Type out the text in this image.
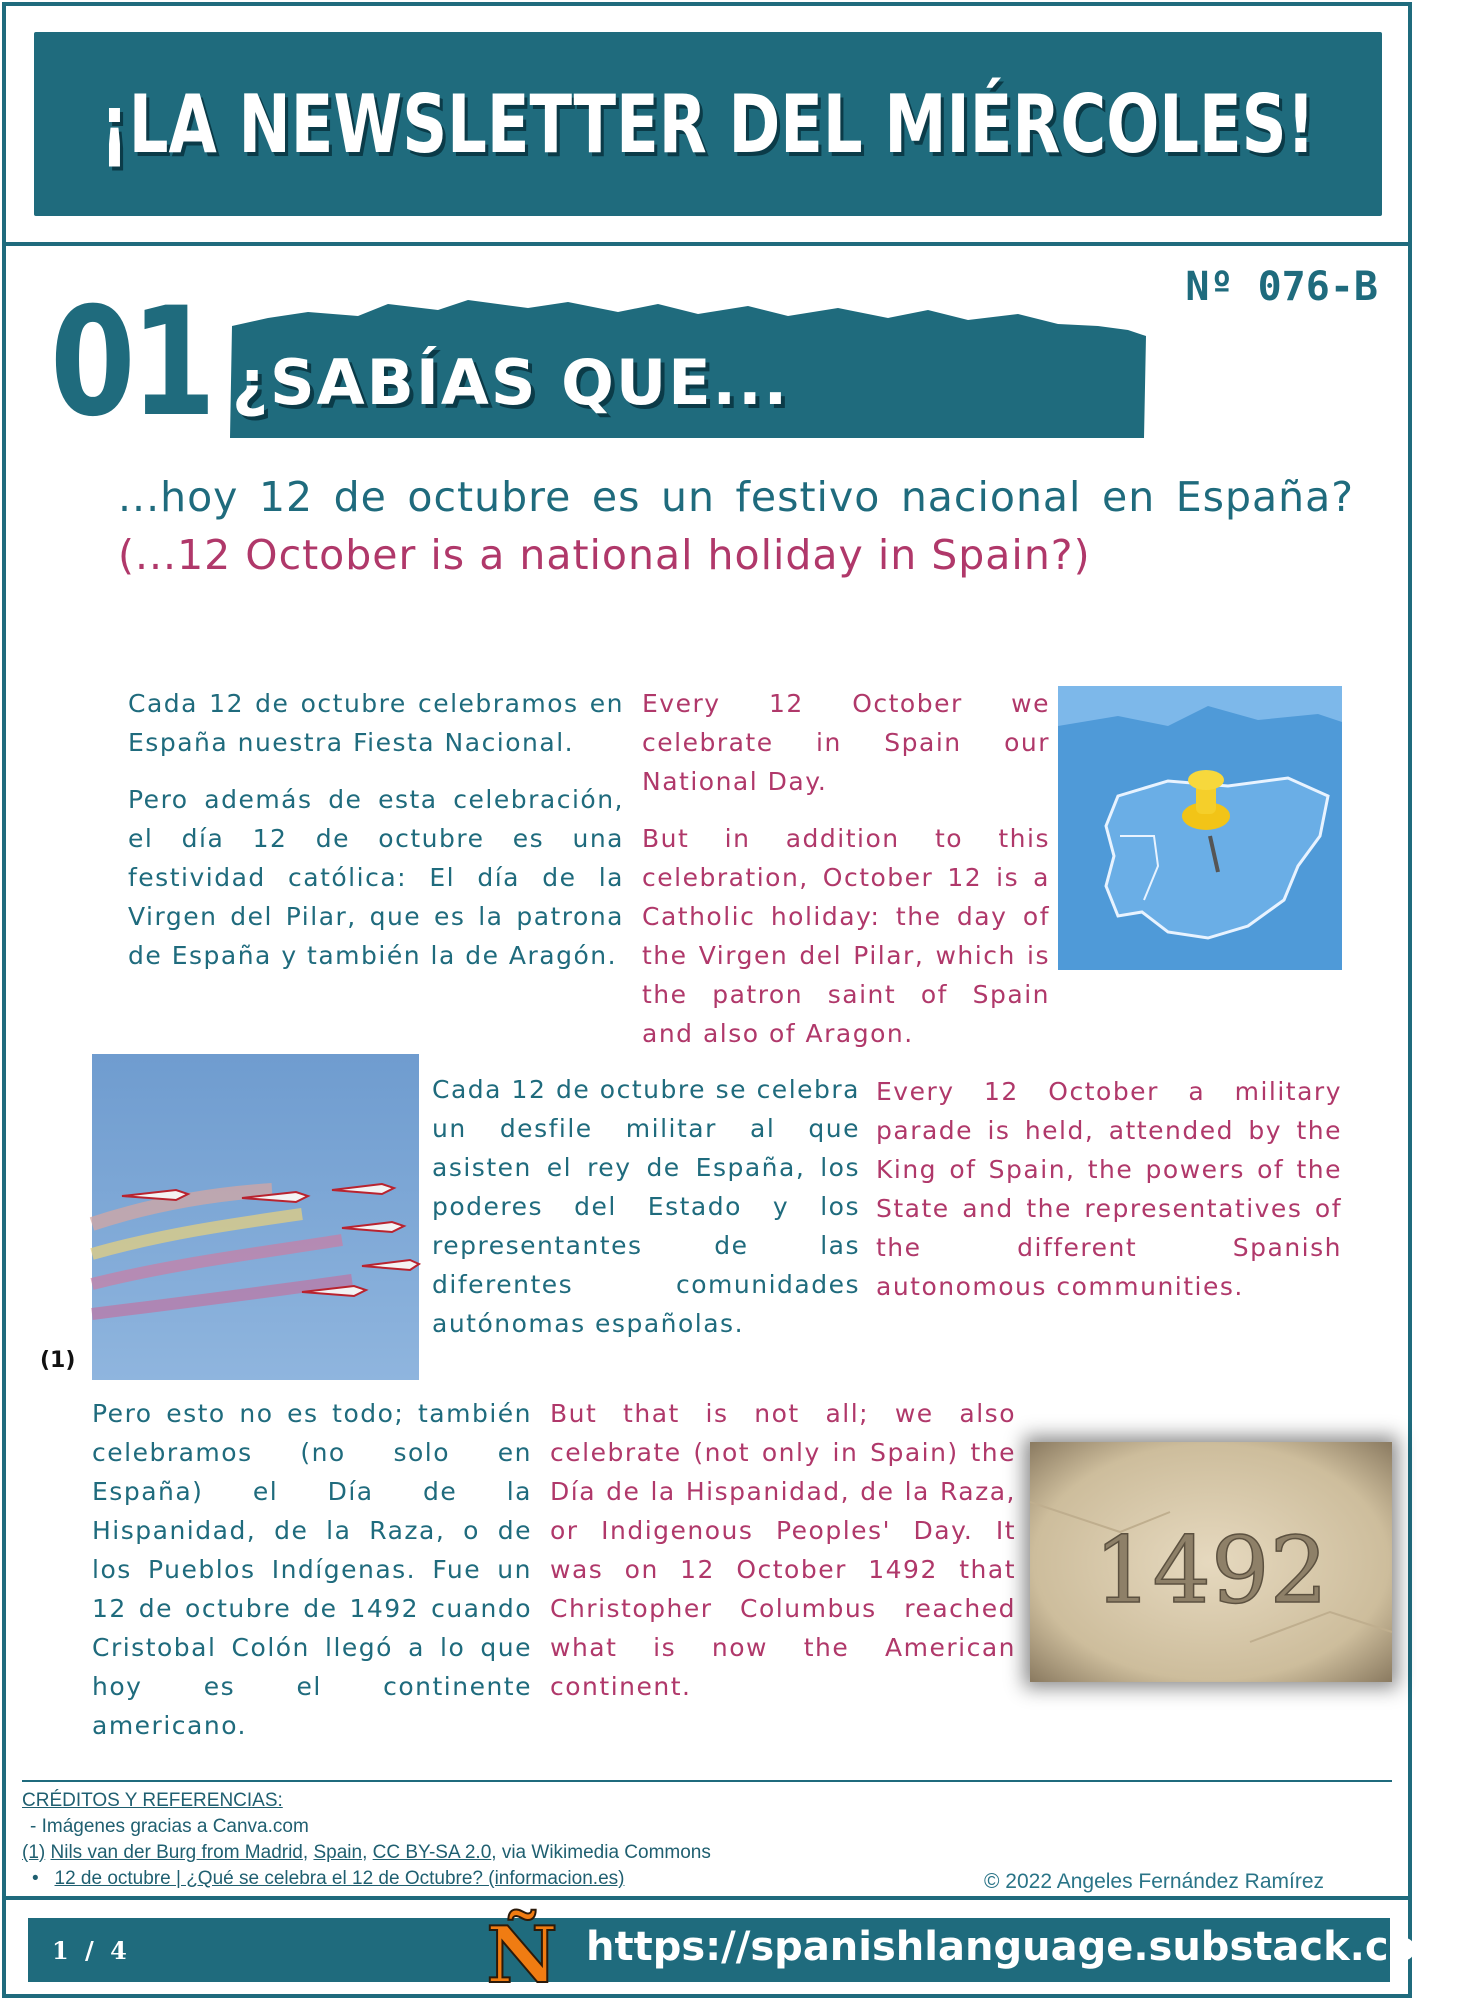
¡LA NEWSLETTER DEL MIÉRCOLES!
Nº 076-B
01 ¿SABÍAS QUE...
...hoy 12 de octubre es un festivo nacional en España? (...12 October is a national holiday in Spain?)

Cada 12 de octubre celebramos en España nuestra Fiesta Nacional.

Pero además de esta celebración, el día 12 de octubre es una festividad católica: El día de la Virgen del Pilar, que es la patrona de España y también la de Aragón.

Every 12 October we celebrate in Spain our National Day.

But in addition to this celebration, October 12 is a Catholic holiday: the day of the Virgen del Pilar, which is the patron saint of Spain and also of Aragon.

(1)

Cada 12 de octubre se celebra un desfile militar al que asisten el rey de España, los poderes del Estado y los representantes de las diferentes comunidades autónomas españolas.

Every 12 October a military parade is held, attended by the King of Spain, the powers of the State and the representatives of the different Spanish autonomous communities.

Pero esto no es todo; también celebramos (no solo en España) el Día de la Hispanidad, de la Raza, o de los Pueblos Indígenas. Fue un 12 de octubre de 1492 cuando Cristobal Colón llegó a lo que hoy es el continente americano.

But that is not all; we also celebrate (not only in Spain) the Día de la Hispanidad, de la Raza, or Indigenous Peoples' Day. It was on 12 October 1492 that Christopher Columbus reached what is now the American continent.

1492
CRÉDITOS Y REFERENCIAS:
- Imágenes gracias a Canva.com
(1) Nils van der Burg from Madrid, Spain, CC BY-SA 2.0, via Wikimedia Commons
• 12 de octubre | ¿Qué se celebra el 12 de Octubre? (informacion.es)	© 2022 Angeles Fernández Ramírez
1 / 4	Ñ https://spanishlanguage.substack.com
